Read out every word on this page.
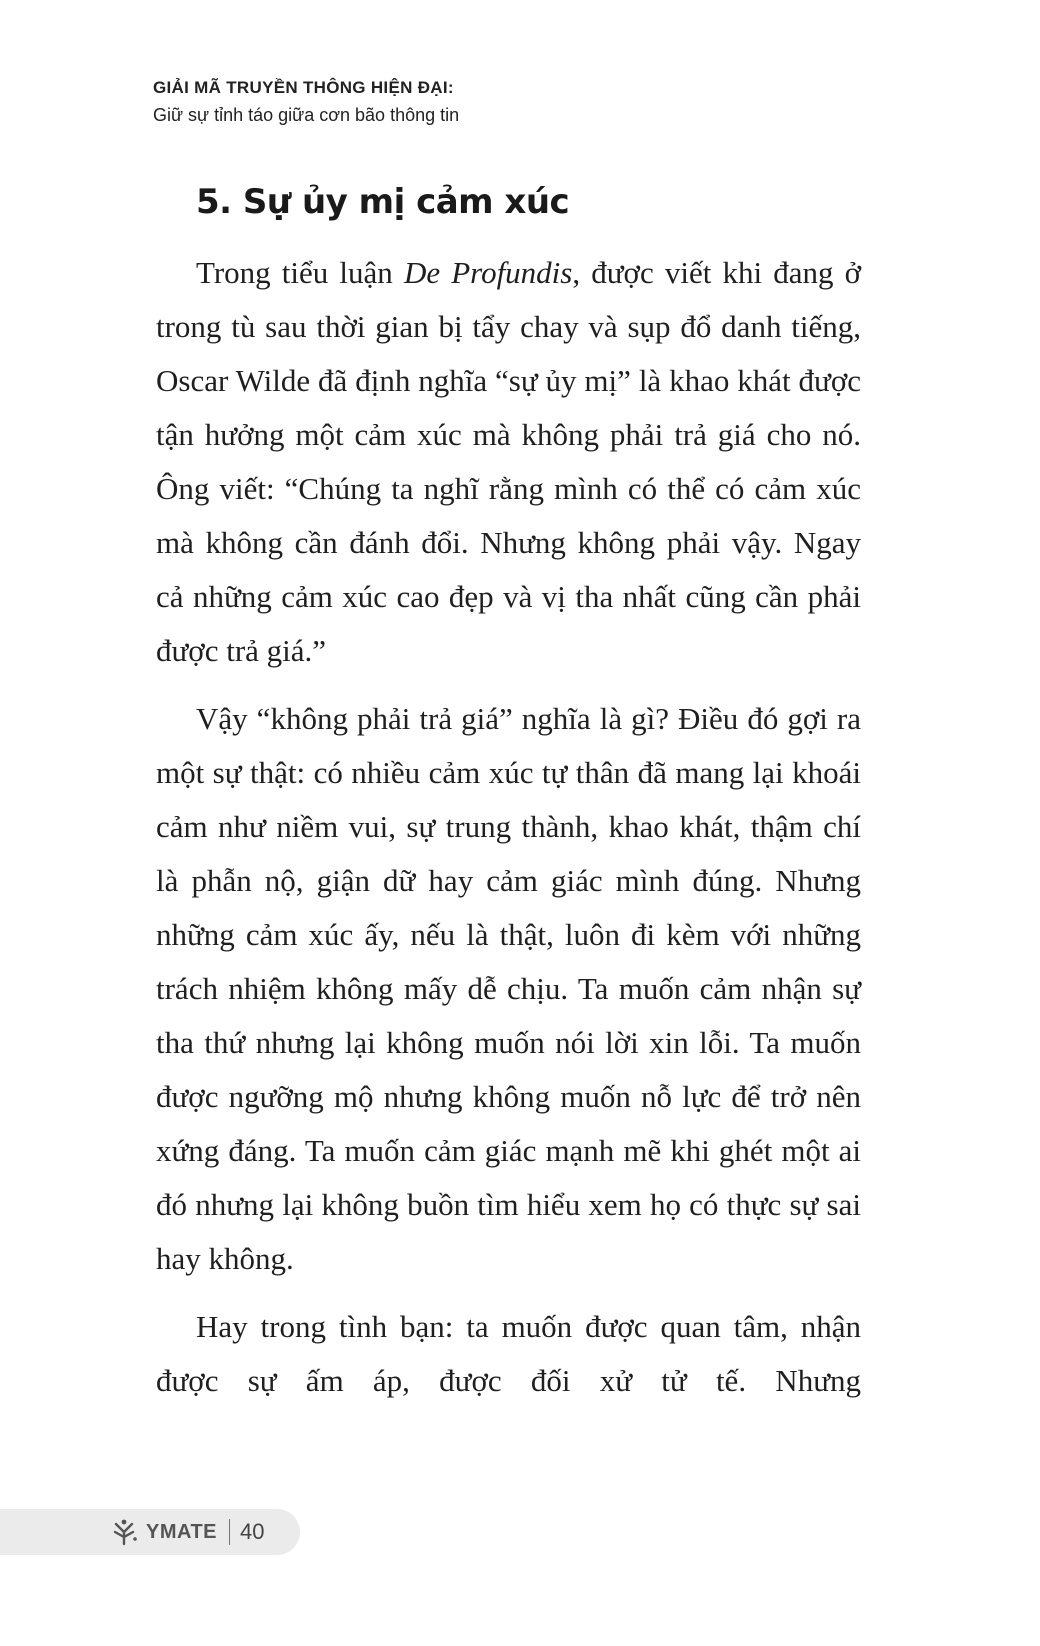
GIẢI MÃ TRUYỀN THÔNG HIỆN ĐẠI:
Giữ sự tỉnh táo giữa cơn bão thông tin
5. Sự ủy mị cảm xúc

Trong tiểu luận De Profundis, được viết khi đang ở trong tù sau thời gian bị tẩy chay và sụp đổ danh tiếng, Oscar Wilde đã định nghĩa “sự ủy mị” là khao khát được tận hưởng một cảm xúc mà không phải trả giá cho nó. Ông viết: “Chúng ta nghĩ rằng mình có thể có cảm xúc mà không cần đánh đổi. Nhưng không phải vậy. Ngay cả những cảm xúc cao đẹp và vị tha nhất cũng cần phải được trả giá.”

Vậy “không phải trả giá” nghĩa là gì? Điều đó gợi ra một sự thật: có nhiều cảm xúc tự thân đã mang lại khoái cảm như niềm vui, sự trung thành, khao khát, thậm chí là phẫn nộ, giận dữ hay cảm giác mình đúng. Nhưng những cảm xúc ấy, nếu là thật, luôn đi kèm với những trách nhiệm không mấy dễ chịu. Ta muốn cảm nhận sự tha thứ nhưng lại không muốn nói lời xin lỗi. Ta muốn được ngưỡng mộ nhưng không muốn nỗ lực để trở nên xứng đáng. Ta muốn cảm giác mạnh mẽ khi ghét một ai đó nhưng lại không buồn tìm hiểu xem họ có thực sự sai hay không.

Hay trong tình bạn: ta muốn được quan tâm, nhận được sự ấm áp, được đối xử tử tế. Nhưng

YMATE 40
